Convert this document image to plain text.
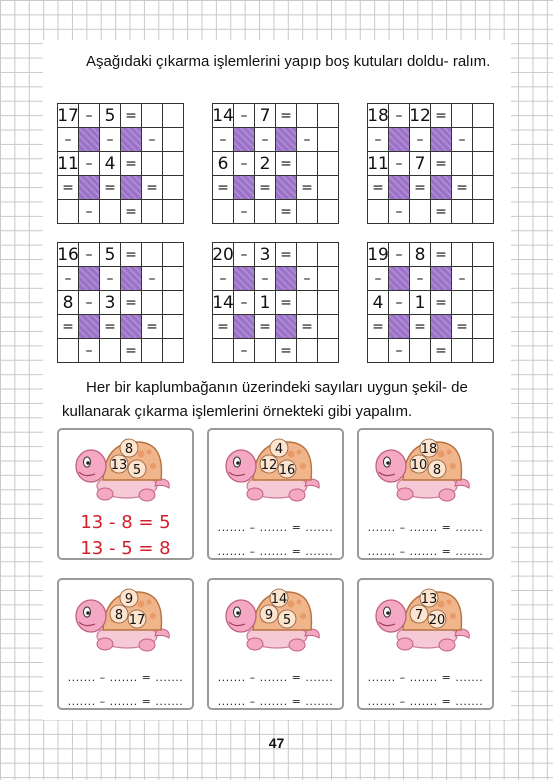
Aşağıdaki çıkarma işlemlerini yapıp boş kutuları doldu- ralım.

17 – 5 =
–	–	–
11 – 4 =
=	=	=
–	=
14 – 7 =
–	–	–
6 – 2 =
=	=	=
–	=
18 – 12 =
–	–	–
11 – 7 =
=	=	=
–	=
16 – 5 =
–	–	–
8 – 3 =
=	=	=
–	=
20 – 3 =
–	–	–
14 – 1 =
=	=	=
–	=
19 – 8 =
–	–	–
4 – 1 =
=	=	=
–	=

Her bir kaplumbağanın üzerindeki sayıları uygun şekil- de kullanarak çıkarma işlemlerini örnekteki gibi yapalım.

8
13 5
13 - 8 = 5
13 - 5 = 8
4
12 16
....... – ....... = .......
....... – ....... = .......
18
10 8
....... – ....... = .......
....... – ....... = .......
9
8 17
....... – ....... = .......
....... – ....... = .......
14
9 5
....... – ....... = .......
....... – ....... = .......
13
7 20
....... – ....... = .......
....... – ....... = .......
47
